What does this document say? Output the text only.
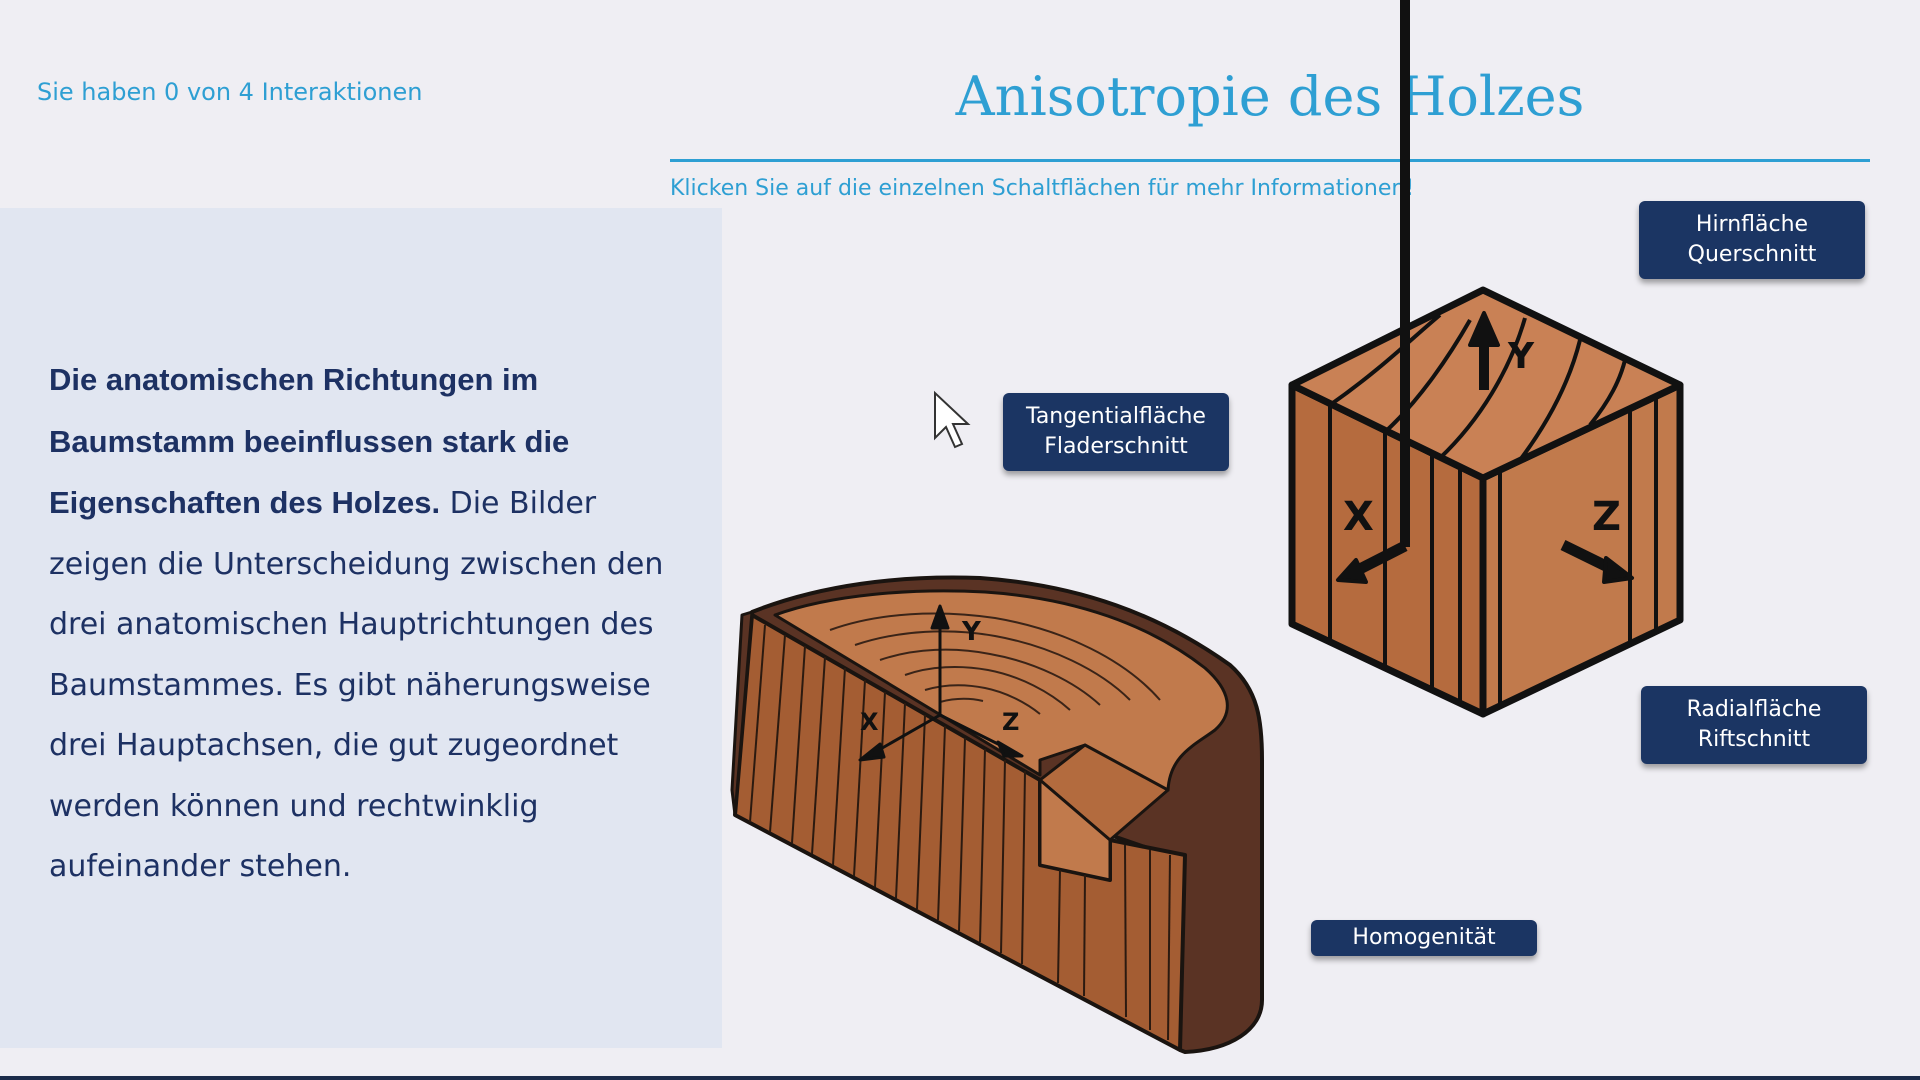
Sie haben 0 von 4 Interaktionen	Anisotropie des Holzes
Klicken Sie auf die einzelnen Schaltflächen für mehr Informationen!
Die anatomischen Richtungen im Baumstamm beeinflussen stark die Eigenschaften des Holzes. Die Bilder zeigen die Unterscheidung zwischen den drei anatomischen Hauptrichtungen des Baumstammes. Es gibt näherungsweise drei Hauptachsen, die gut zugeordnet werden können und rechtwinklig aufeinander stehen.
Y
X	Z
Y
X	Z
Tangentialfläche
Fladerschnitt
Hirnfläche
Querschnitt
Radialfläche
Riftschnitt
Homogenität
